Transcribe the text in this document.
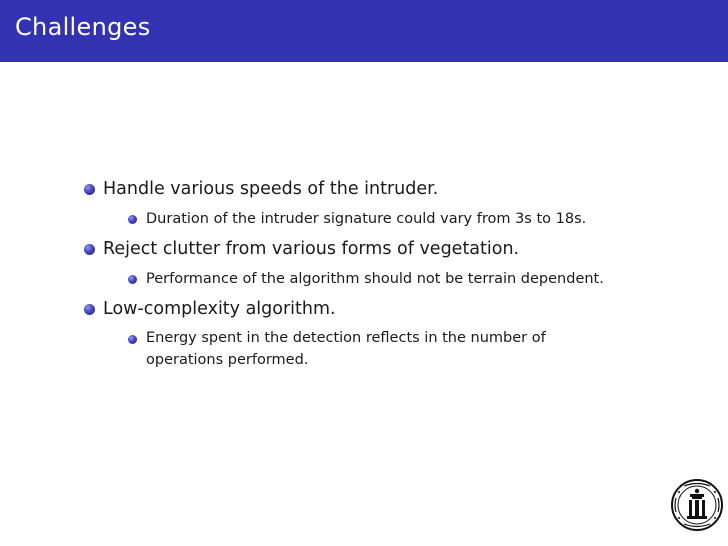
Challenges
Handle various speeds of the intruder.
Duration of the intruder signature could vary from 3s to 18s.
Reject clutter from various forms of vegetation.
Performance of the algorithm should not be terrain dependent.
Low-complexity algorithm.
Energy spent in the detection reflects in the number of
operations performed.
